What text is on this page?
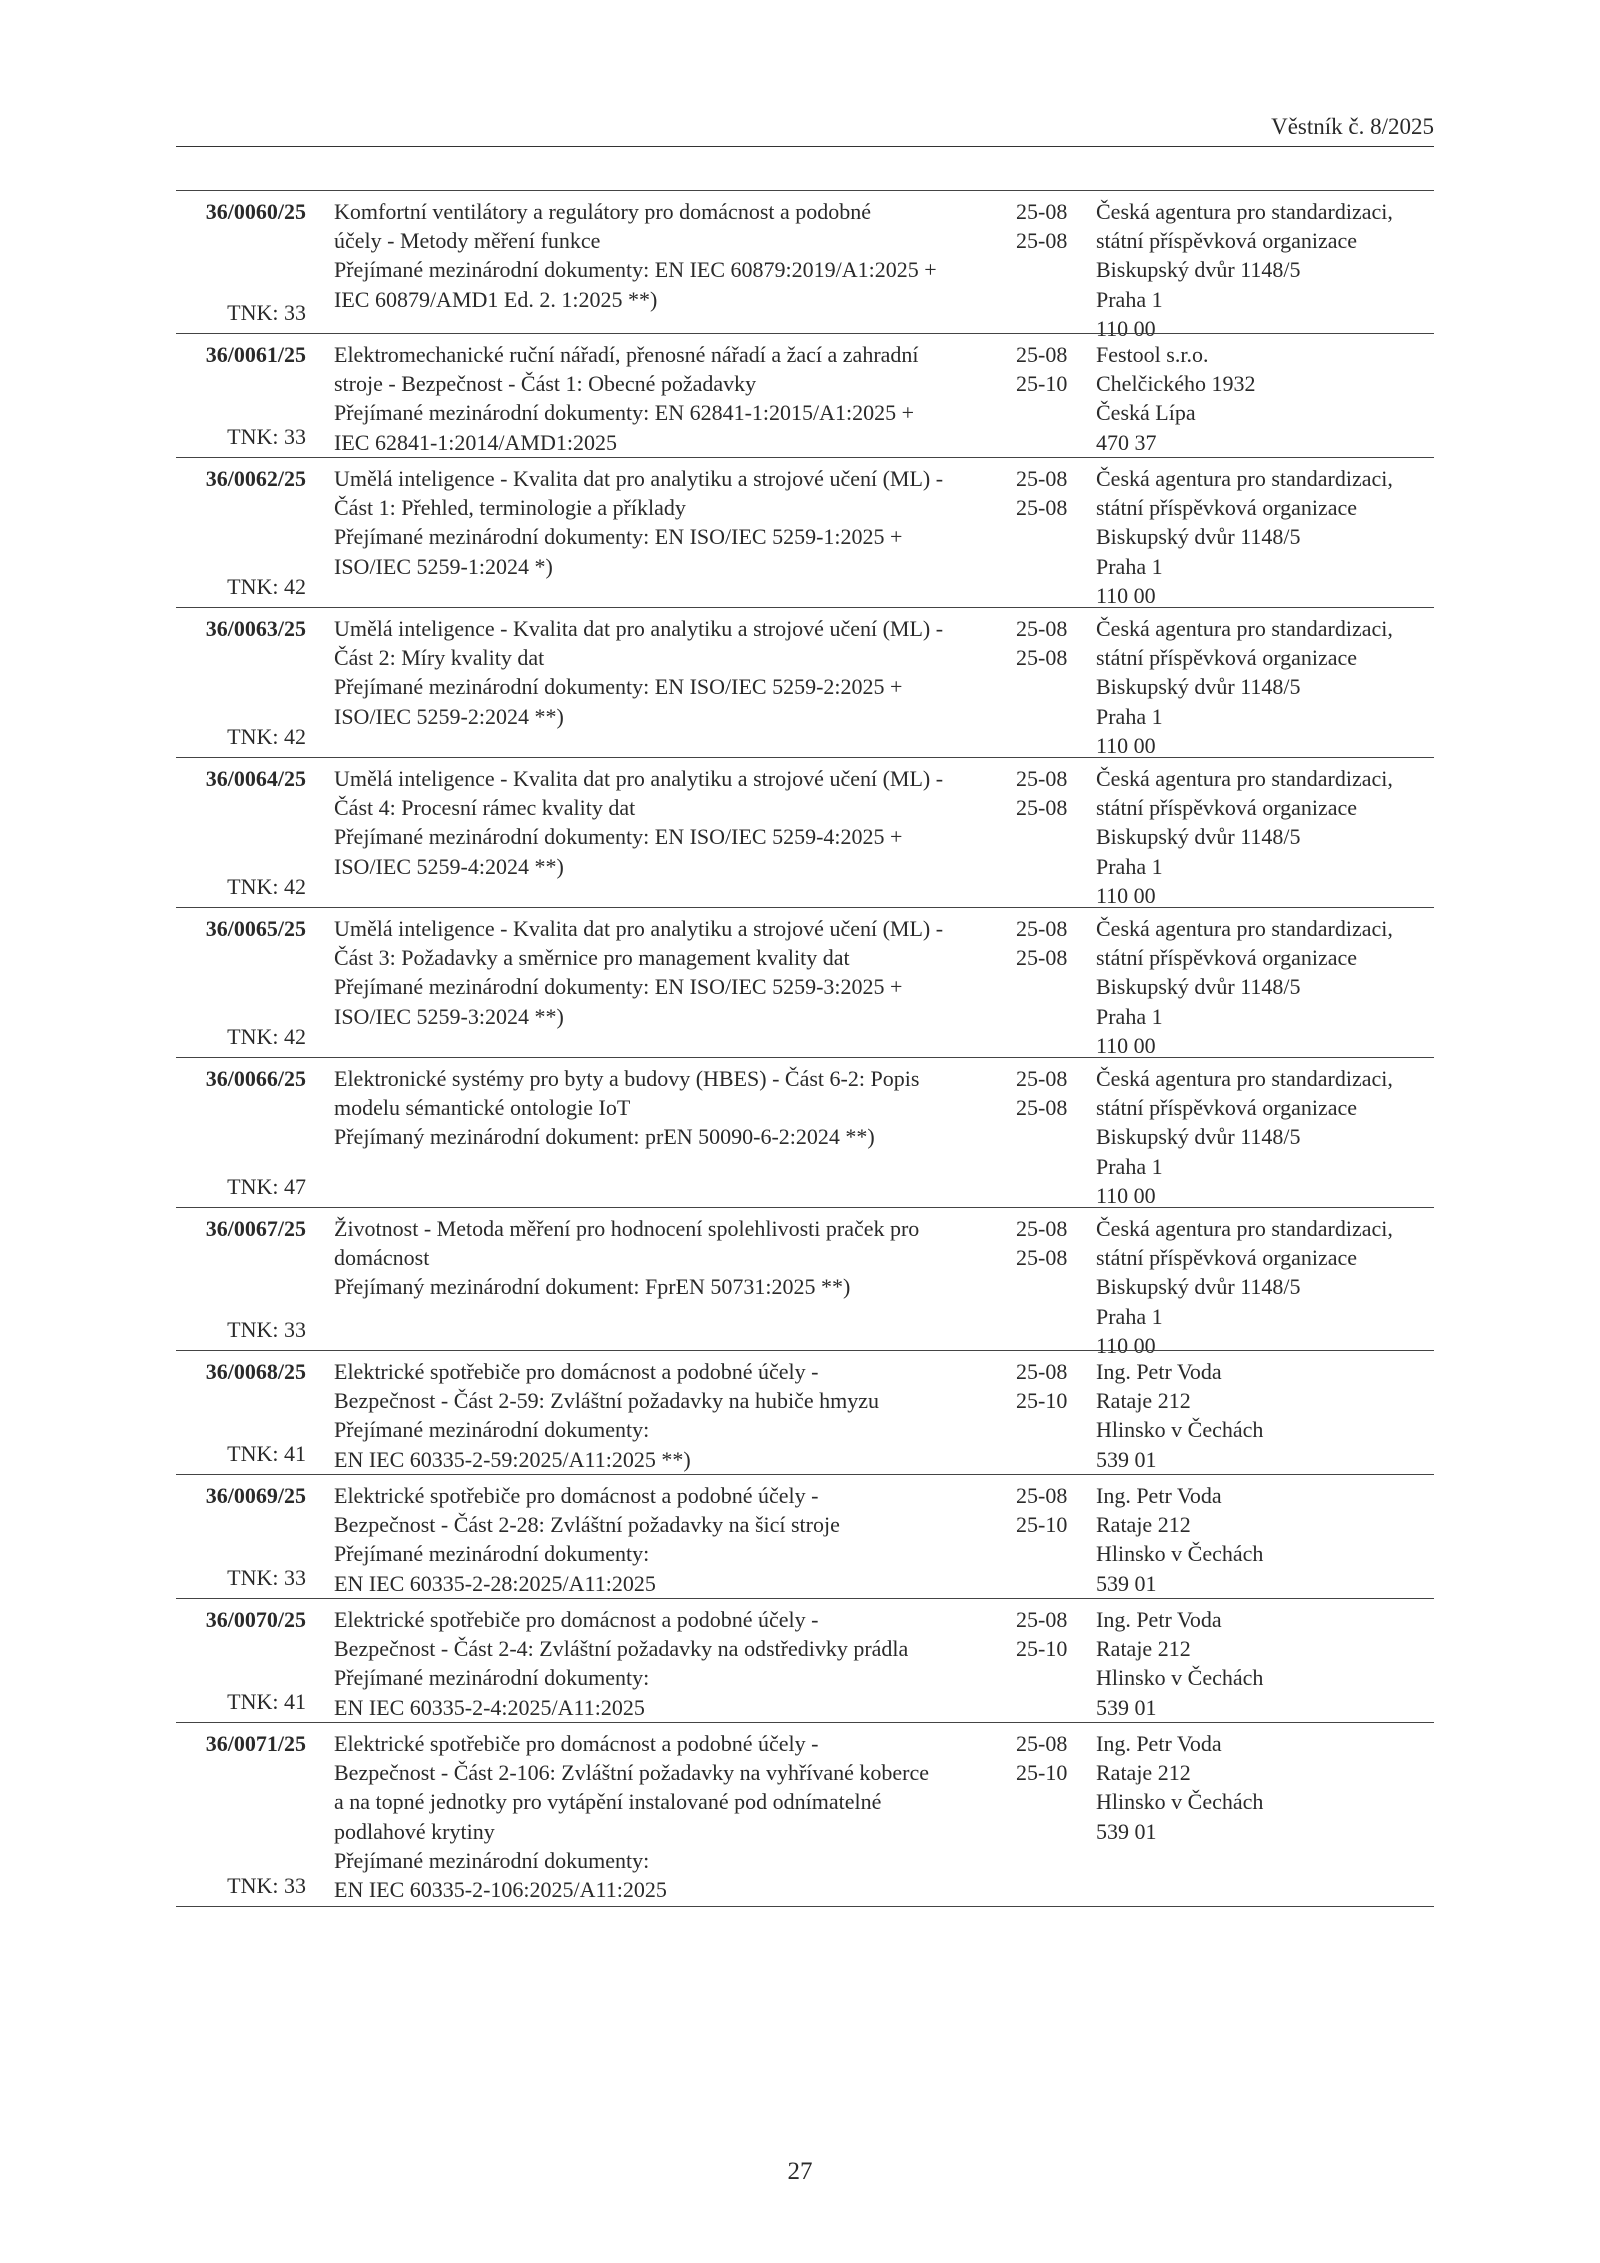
Věstník č. 8/2025
36/0060/25
TNK: 33
Komfortní ventilátory a regulátory pro domácnost a podobné
účely - Metody měření funkce
Přejímané mezinárodní dokumenty: EN IEC 60879:2019/A1:2025 +
IEC 60879/AMD1 Ed. 2. 1:2025 **)
25-08
25-08
Česká agentura pro standardizaci,
státní příspěvková organizace
Biskupský dvůr 1148/5
Praha 1
110 00
36/0061/25
TNK: 33
Elektromechanické ruční nářadí, přenosné nářadí a žací a zahradní
stroje - Bezpečnost - Část 1: Obecné požadavky
Přejímané mezinárodní dokumenty: EN 62841-1:2015/A1:2025 +
IEC 62841-1:2014/AMD1:2025
25-08
25-10
Festool s.r.o.
Chelčického 1932
Česká Lípa
470 37
36/0062/25
TNK: 42
Umělá inteligence - Kvalita dat pro analytiku a strojové učení (ML) -
Část 1: Přehled, terminologie a příklady
Přejímané mezinárodní dokumenty: EN ISO/IEC 5259-1:2025 +
ISO/IEC 5259-1:2024 *)
25-08
25-08
Česká agentura pro standardizaci,
státní příspěvková organizace
Biskupský dvůr 1148/5
Praha 1
110 00
36/0063/25
TNK: 42
Umělá inteligence - Kvalita dat pro analytiku a strojové učení (ML) -
Část 2: Míry kvality dat
Přejímané mezinárodní dokumenty: EN ISO/IEC 5259-2:2025 +
ISO/IEC 5259-2:2024 **)
25-08
25-08
Česká agentura pro standardizaci,
státní příspěvková organizace
Biskupský dvůr 1148/5
Praha 1
110 00
36/0064/25
TNK: 42
Umělá inteligence - Kvalita dat pro analytiku a strojové učení (ML) -
Část 4: Procesní rámec kvality dat
Přejímané mezinárodní dokumenty: EN ISO/IEC 5259-4:2025 +
ISO/IEC 5259-4:2024 **)
25-08
25-08
Česká agentura pro standardizaci,
státní příspěvková organizace
Biskupský dvůr 1148/5
Praha 1
110 00
36/0065/25
TNK: 42
Umělá inteligence - Kvalita dat pro analytiku a strojové učení (ML) -
Část 3: Požadavky a směrnice pro management kvality dat
Přejímané mezinárodní dokumenty: EN ISO/IEC 5259-3:2025 +
ISO/IEC 5259-3:2024 **)
25-08
25-08
Česká agentura pro standardizaci,
státní příspěvková organizace
Biskupský dvůr 1148/5
Praha 1
110 00
36/0066/25
TNK: 47
Elektronické systémy pro byty a budovy (HBES) - Část 6-2: Popis
modelu sémantické ontologie IoT
Přejímaný mezinárodní dokument: prEN 50090-6-2:2024 **)
25-08
25-08
Česká agentura pro standardizaci,
státní příspěvková organizace
Biskupský dvůr 1148/5
Praha 1
110 00
36/0067/25
TNK: 33
Životnost - Metoda měření pro hodnocení spolehlivosti praček pro
domácnost
Přejímaný mezinárodní dokument: FprEN 50731:2025 **)
25-08
25-08
Česká agentura pro standardizaci,
státní příspěvková organizace
Biskupský dvůr 1148/5
Praha 1
110 00
36/0068/25
TNK: 41
Elektrické spotřebiče pro domácnost a podobné účely -
Bezpečnost - Část 2-59: Zvláštní požadavky na hubiče hmyzu
Přejímané mezinárodní dokumenty:
EN IEC 60335-2-59:2025/A11:2025 **)
25-08
25-10
Ing. Petr Voda
Rataje 212
Hlinsko v Čechách
539 01
36/0069/25
TNK: 33
Elektrické spotřebiče pro domácnost a podobné účely -
Bezpečnost - Část 2-28: Zvláštní požadavky na šicí stroje
Přejímané mezinárodní dokumenty:
EN IEC 60335-2-28:2025/A11:2025
25-08
25-10
Ing. Petr Voda
Rataje 212
Hlinsko v Čechách
539 01
36/0070/25
TNK: 41
Elektrické spotřebiče pro domácnost a podobné účely -
Bezpečnost - Část 2-4: Zvláštní požadavky na odstředivky prádla
Přejímané mezinárodní dokumenty:
EN IEC 60335-2-4:2025/A11:2025
25-08
25-10
Ing. Petr Voda
Rataje 212
Hlinsko v Čechách
539 01
36/0071/25
TNK: 33
Elektrické spotřebiče pro domácnost a podobné účely -
Bezpečnost - Část 2-106: Zvláštní požadavky na vyhřívané koberce
a na topné jednotky pro vytápění instalované pod odnímatelné
podlahové krytiny
Přejímané mezinárodní dokumenty:
EN IEC 60335-2-106:2025/A11:2025
25-08
25-10
Ing. Petr Voda
Rataje 212
Hlinsko v Čechách
539 01
27
